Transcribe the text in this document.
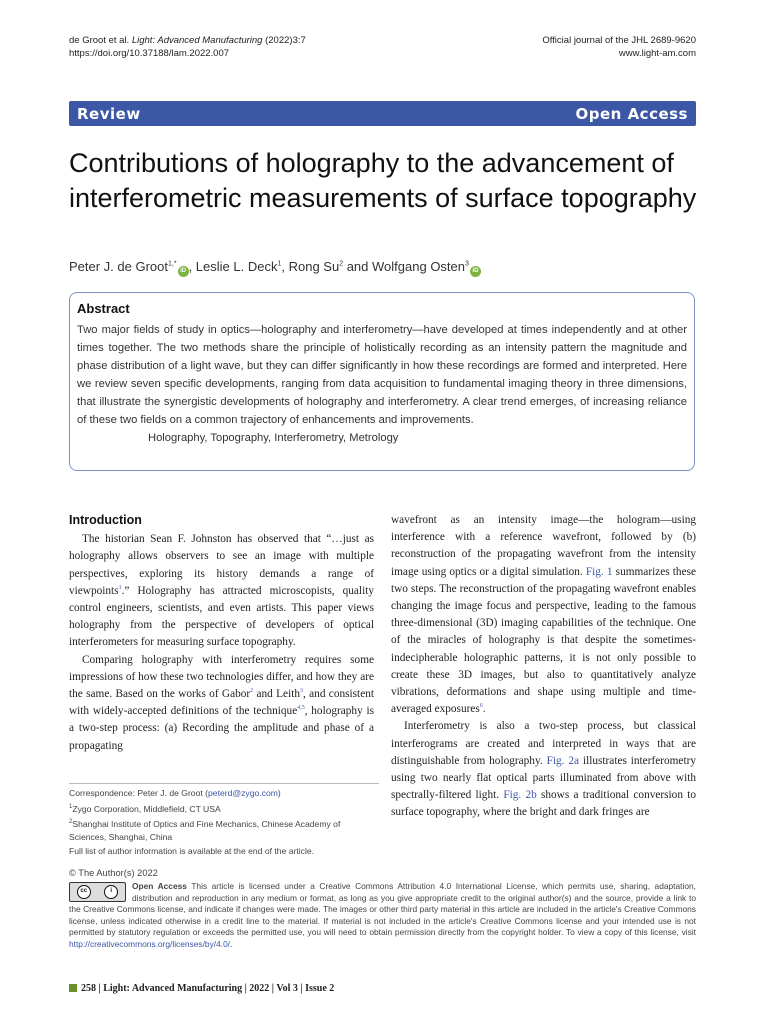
de Groot et al. Light: Advanced Manufacturing (2022)3:7
https://doi.org/10.37188/lam.2022.007
Official journal of the JHL 2689-9620
www.light-am.com
Review	Open Access
Contributions of holography to the advancement of interferometric measurements of surface topography
Peter J. de Groot$^{1,*}$iD , Leslie L. Deck$^1$, Rong Su$^2$ and Wolfgang Osten$^3$iD
Abstract
Two major fields of study in optics—holography and interferometry—have developed at times independently and at other times together. The two methods share the principle of holistically recording as an intensity pattern the magnitude and phase distribution of a light wave, but they can differ significantly in how these recordings are formed and interpreted. Here we review seven specific developments, ranging from data acquisition to fundamental imaging theory in three dimensions, that illustrate the synergistic developments of holography and interferometry. A clear trend emerges, of increasing reliance of these two fields on a common trajectory of enhancements and improvements.
Holography, Topography, Interferometry, Metrology
Introduction

The historian Sean F. Johnston has observed that “…just as holography allows observers to see an image with multiple perspectives, exploring its history demands a range of viewpoints$^1$.” Holography has attracted microscopists, quality control engineers, scientists, and even artists. This paper views holography from the perspective of developers of optical interferometers for measuring surface topography.

Comparing holography with interferometry requires some impressions of how these two technologies differ, and how they are the same. Based on the works of Gabor$^2$ and Leith$^3$, and consistent with widely-accepted definitions of the technique$^{4,5}$, holography is a two-step process: (a) Recording the amplitude and phase of a propagating

wavefront as an intensity image—the hologram—using interference with a reference wavefront, followed by (b) reconstruction of the propagating wavefront from the intensity image using optics or a digital simulation. Fig. 1 summarizes these two steps. The reconstruction of the propagating wavefront enables changing the image focus and perspective, leading to the famous three-dimensional (3D) imaging capabilities of the technique. One of the miracles of holography is that despite the sometimes-indecipherable holographic patterns, it is not only possible to create these 3D images, but also to quantitatively analyze vibrations, deformations and shape using multiple and time-averaged exposures$^6$.

Interferometry is also a two-step process, but classical interferograms are created and interpreted in ways that are distinguishable from holography. Fig. 2a illustrates interferometry using two nearly flat optical parts illuminated from above with spectrally-filtered light. Fig. 2b shows a traditional conversion to surface topography, where the bright and dark fringes are

Correspondence: Peter J. de Groot (peterd@zygo.com)
$^1$Zygo Corporation, Middlefield, CT USA
$^2$Shanghai Institute of Optics and Fine Mechanics, Chinese Academy of Sciences, Shanghai, China
Full list of author information is available at the end of the article.
© The Author(s) 2022
cc	i
Open Access This article is licensed under a Creative Commons Attribution 4.0 International License, which permits use, sharing, adaptation, distribution and reproduction in any medium or format, as long as you give appropriate credit to the original author(s) and the source, provide a link to the Creative Commons license, and indicate if changes were made. The images or other third party material in this article are included in the article's Creative Commons license, unless indicated otherwise in a credit line to the material. If material is not included in the article's Creative Commons license and your intended use is not permitted by statutory regulation or exceeds the permitted use, you will need to obtain permission directly from the copyright holder. To view a copy of this license, visit http://creativecommons.org/licenses/by/4.0/.
258 | Light: Advanced Manufacturing | 2022 | Vol 3 | Issue 2
